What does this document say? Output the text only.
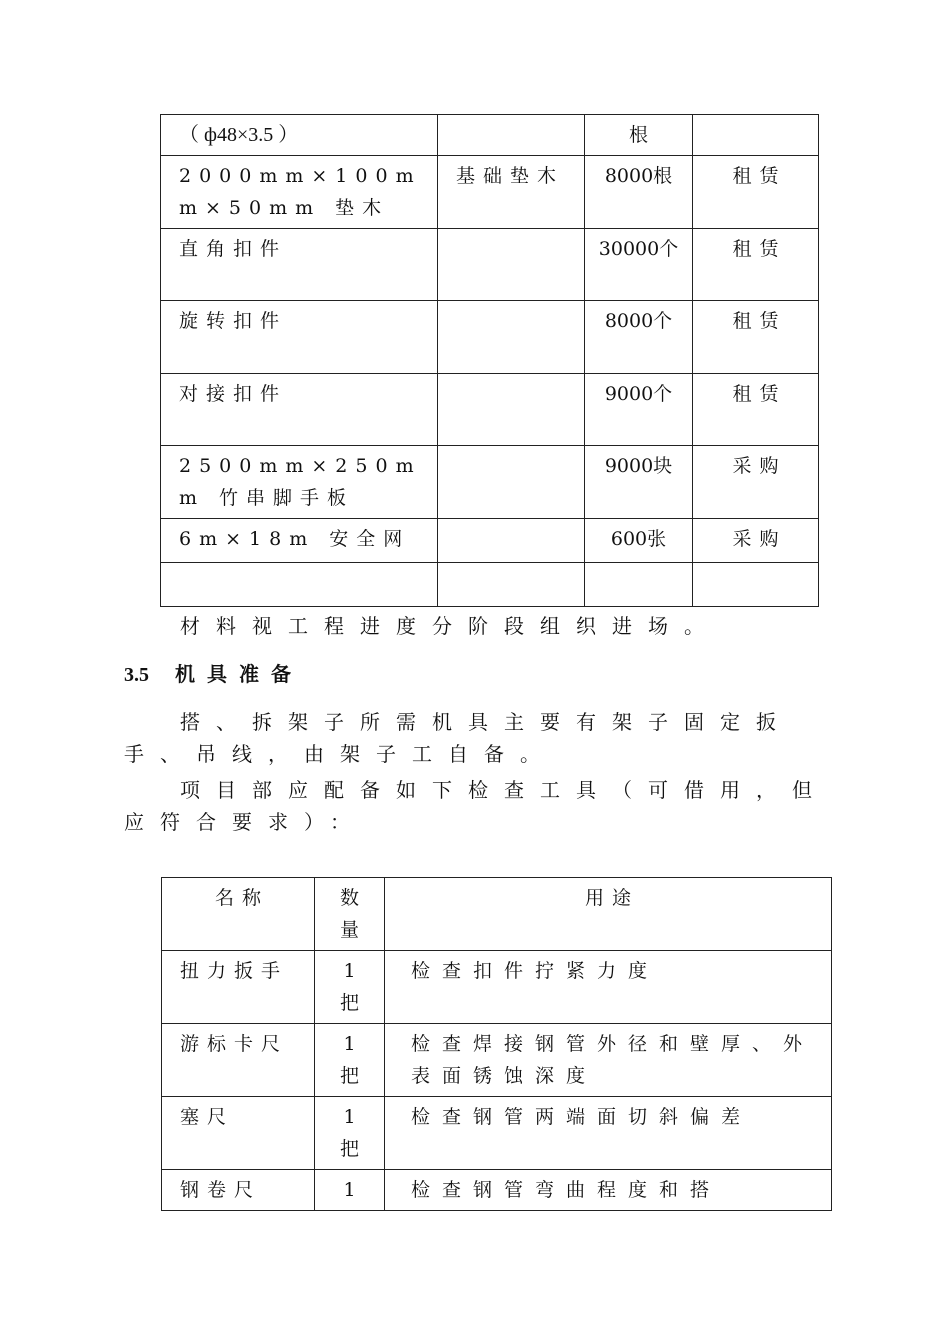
（ ф48×3.5 ）		根	
2000mm×100mm×50mm 垫木	基础垫木	8000根	租赁
直角扣件		30000个	租赁
旋转扣件		8000个	租赁
对接扣件		9000个	租赁
2500mm×250mm 竹串脚手板		9000块	采购
6m×18m 安全网		600张	采购

材料视工程进度分阶段组织进场。
3.5 机具准备
搭、拆架子所需机具主要有架子固定扳手、吊线，由架子工自备。
项目部应配备如下检查工具（可借用，但应符合要求）：
名称	数量	用途
扭力扳手	1把	检查扣件拧紧力度
游标卡尺	1把	检查焊接钢管外径和壁厚、外表面锈蚀深度
塞尺	1把	检查钢管两端面切斜偏差
钢卷尺	1	检查钢管弯曲程度和搭
